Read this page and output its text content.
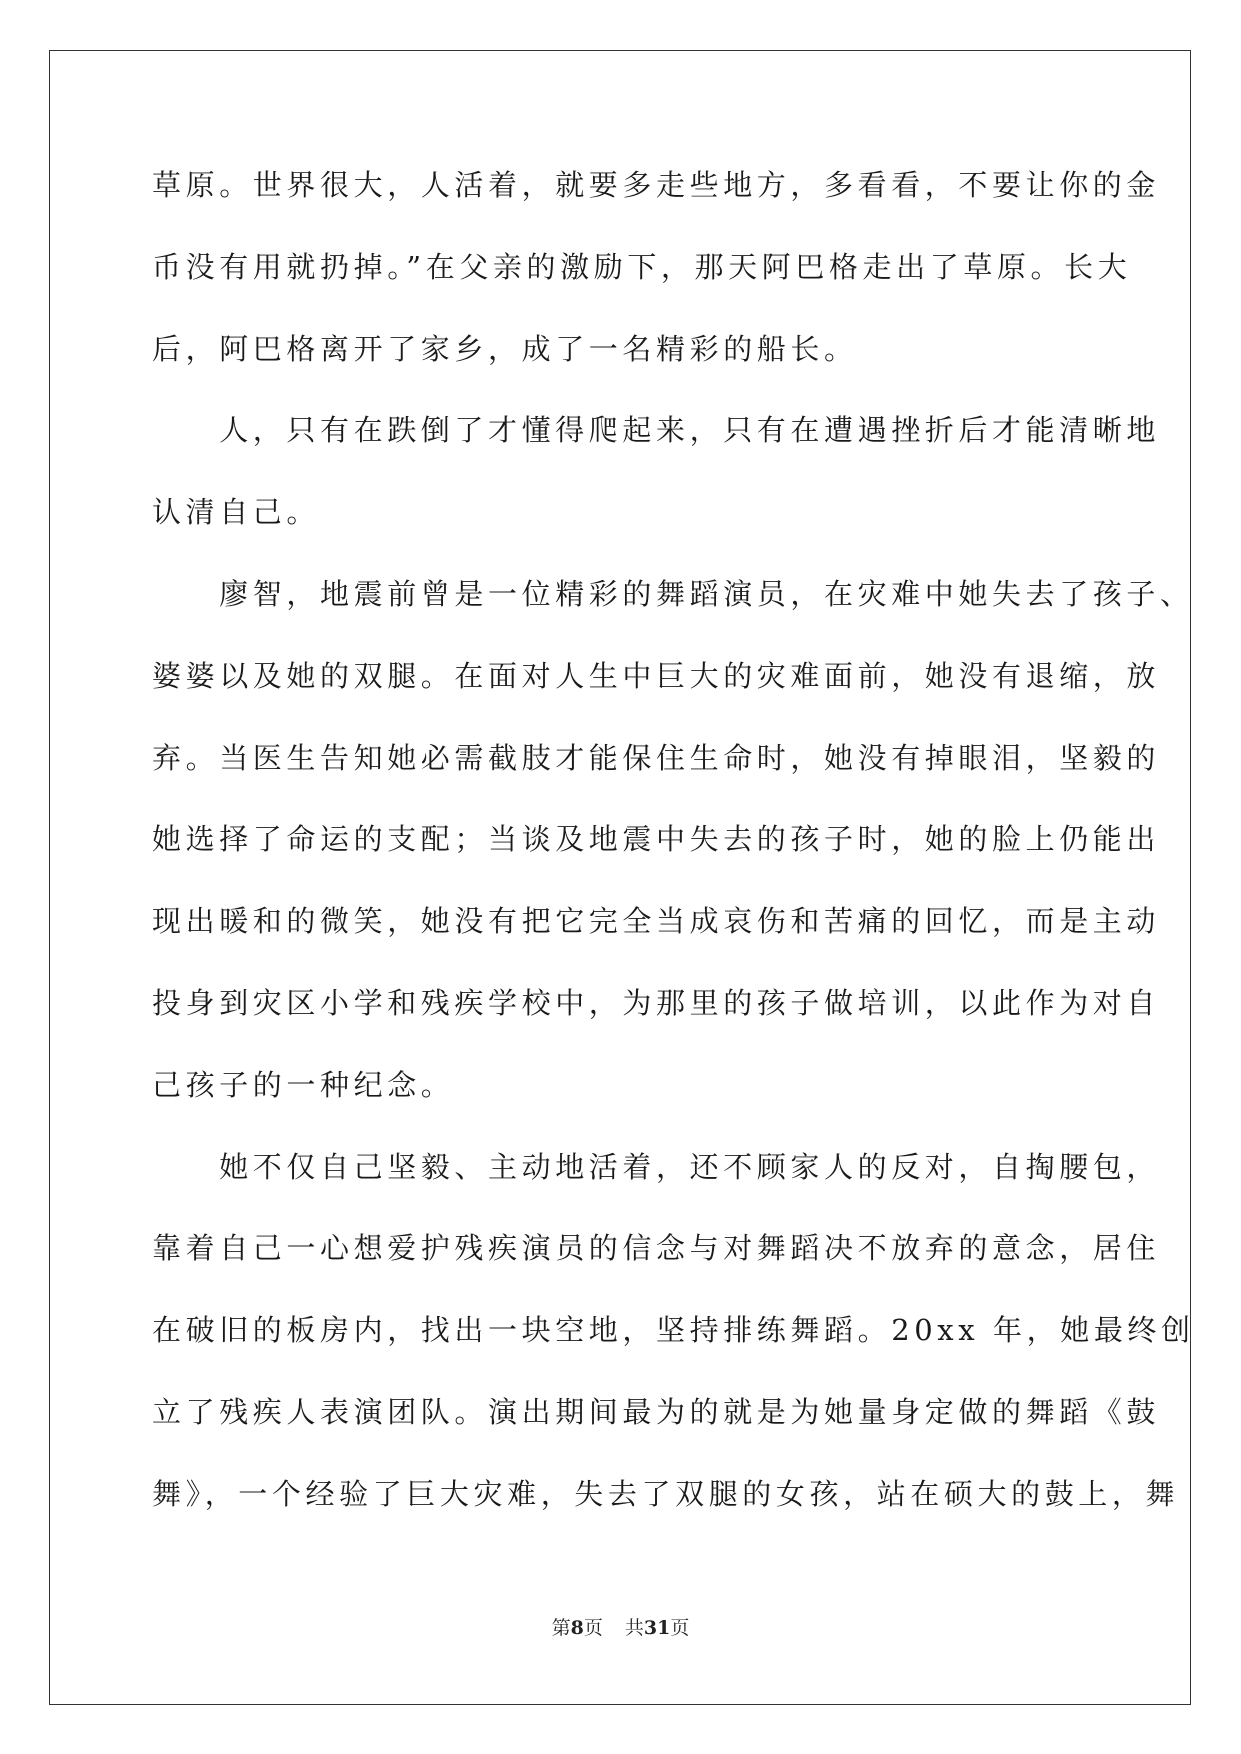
草原。世界很大，人活着，就要多走些地方，多看看，不要让你的金
币没有用就扔掉。”在父亲的激励下，那天阿巴格走出了草原。长大
后，阿巴格离开了家乡，成了一名精彩的船长。
　　人，只有在跌倒了才懂得爬起来，只有在遭遇挫折后才能清晰地
认清自己。
　　廖智，地震前曾是一位精彩的舞蹈演员，在灾难中她失去了孩子、
婆婆以及她的双腿。在面对人生中巨大的灾难面前，她没有退缩，放
弃。当医生告知她必需截肢才能保住生命时，她没有掉眼泪，坚毅的
她选择了命运的支配；当谈及地震中失去的孩子时，她的脸上仍能出
现出暖和的微笑，她没有把它完全当成哀伤和苦痛的回忆，而是主动
投身到灾区小学和残疾学校中，为那里的孩子做培训，以此作为对自
己孩子的一种纪念。
　　她不仅自己坚毅、主动地活着，还不顾家人的反对，自掏腰包，
靠着自己一心想爱护残疾演员的信念与对舞蹈决不放弃的意念，居住
在破旧的板房内，找出一块空地，坚持排练舞蹈。20xx 年，她最终创
立了残疾人表演团队。演出期间最为的就是为她量身定做的舞蹈《鼓
舞》，一个经验了巨大灾难，失去了双腿的女孩，站在硕大的鼓上，舞
第8页 共31页
